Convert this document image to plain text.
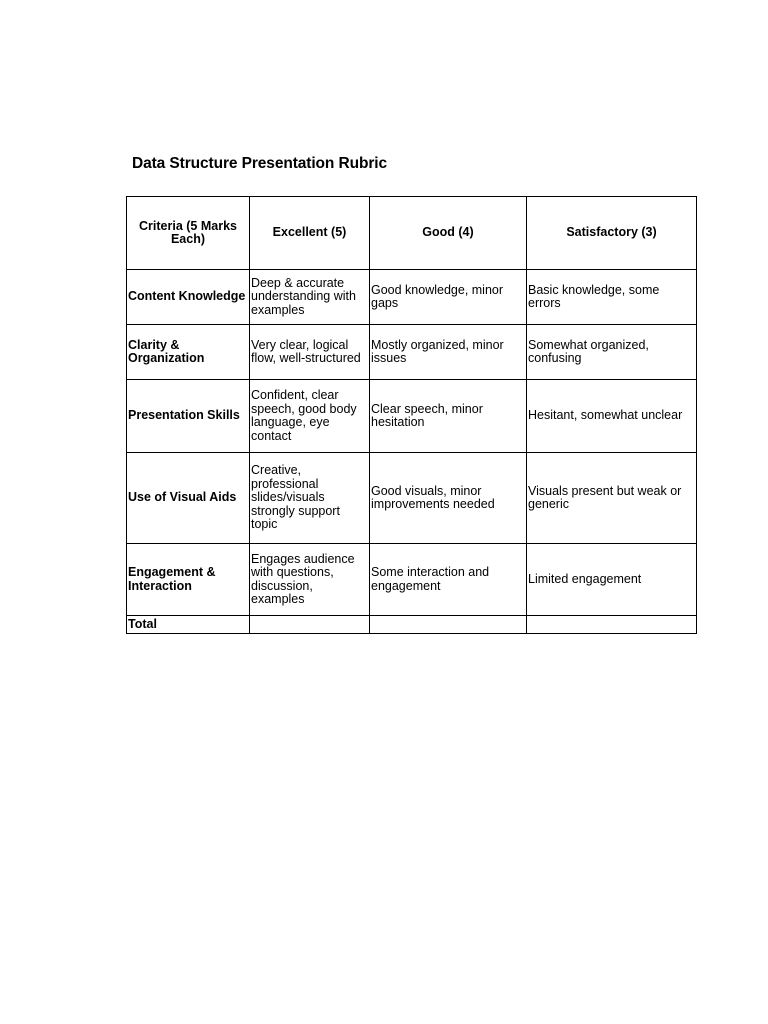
Data Structure Presentation Rubric
Criteria (5 Marks Each)	Excellent (5)	Good (4)	Satisfactory (3)
Content Knowledge	Deep & accurate understanding with examples	Good knowledge, minor gaps	Basic knowledge, some errors
Clarity & Organization	Very clear, logical flow, well-structured	Mostly organized, minor issues	Somewhat organized, confusing
Presentation Skills	Confident, clear speech, good body language, eye contact	Clear speech, minor hesitation	Hesitant, somewhat unclear
Use of Visual Aids	Creative, professional slides/visuals strongly support topic	Good visuals, minor improvements needed	Visuals present but weak or generic
Engagement & Interaction	Engages audience with questions, discussion, examples	Some interaction and engagement	Limited engagement
Total			
